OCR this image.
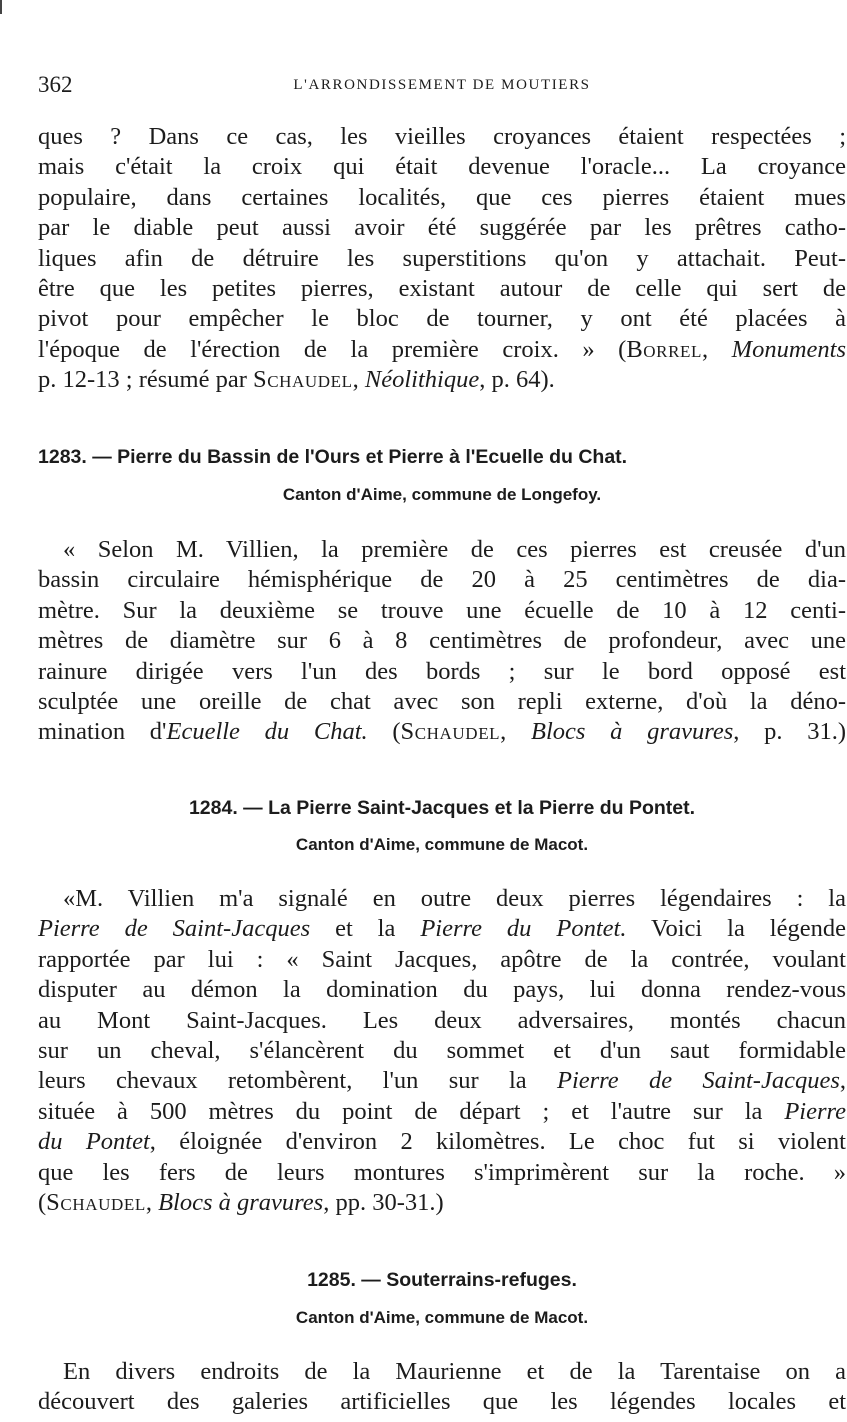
362	L'ARRONDISSEMENT DE MOUTIERS
ques ? Dans ce cas, les vieilles croyances étaient respectées ;
mais c'était la croix qui était devenue l'oracle... La croyance
populaire, dans certaines localités, que ces pierres étaient mues
par le diable peut aussi avoir été suggérée par les prêtres catho-
liques afin de détruire les superstitions qu'on y attachait. Peut-
être que les petites pierres, existant autour de celle qui sert de
pivot pour empêcher le bloc de tourner, y ont été placées à
l'époque de l'érection de la première croix. » (Borrel, Monuments
p. 12-13 ; résumé par Schaudel, Néolithique, p. 64).
1283. — Pierre du Bassin de l'Ours et Pierre à l'Ecuelle du Chat.
Canton d'Aime, commune de Longefoy.
« Selon M. Villien, la première de ces pierres est creusée d'un
bassin circulaire hémisphérique de 20 à 25 centimètres de dia-
mètre. Sur la deuxième se trouve une écuelle de 10 à 12 centi-
mètres de diamètre sur 6 à 8 centimètres de profondeur, avec une
rainure dirigée vers l'un des bords ; sur le bord opposé est
sculptée une oreille de chat avec son repli externe, d'où la déno-
mination d'Ecuelle du Chat. (Schaudel, Blocs à gravures, p. 31.)
1284. — La Pierre Saint-Jacques et la Pierre du Pontet.
Canton d'Aime, commune de Macot.
«M. Villien m'a signalé en outre deux pierres légendaires : la
Pierre de Saint-Jacques et la Pierre du Pontet. Voici la légende
rapportée par lui : « Saint Jacques, apôtre de la contrée, voulant
disputer au démon la domination du pays, lui donna rendez-vous
au Mont Saint-Jacques. Les deux adversaires, montés chacun
sur un cheval, s'élancèrent du sommet et d'un saut formidable
leurs chevaux retombèrent, l'un sur la Pierre de Saint-Jacques,
située à 500 mètres du point de départ ; et l'autre sur la Pierre
du Pontet, éloignée d'environ 2 kilomètres. Le choc fut si violent
que les fers de leurs montures s'imprimèrent sur la roche. »
(Schaudel, Blocs à gravures, pp. 30-31.)
1285. — Souterrains-refuges.
Canton d'Aime, commune de Macot.
En divers endroits de la Maurienne et de la Tarentaise on a
découvert des galeries artificielles que les légendes locales et
